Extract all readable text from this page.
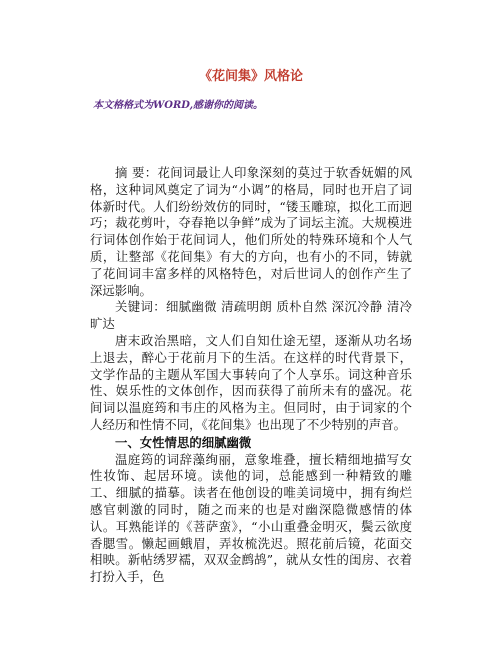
《花间集》风格论
本文格格式为WORD,感谢你的阅读。

摘 要：花间词最让人印象深刻的莫过于软香妩媚的风格，这种词风奠定了词为“小调”的格局，同时也开启了词体新时代。人们纷纷效仿的同时，“镂玉雕琼，拟化工而迥巧；裁花剪叶，夺春艳以争鲜”成为了词坛主流。大规模进行词体创作始于花间词人，他们所处的特殊环境和个人气质，让整部《花间集》有大的方向，也有小的不同，铸就了花间词丰富多样的风格特色，对后世词人的创作产生了深远影响。

关键词：细腻幽微 清疏明朗 质朴自然 深沉冷静 清冷旷达

唐末政治黑暗，文人们自知仕途无望，逐渐从功名场上退去，醉心于花前月下的生活。在这样的时代背景下，文学作品的主题从军国大事转向了个人享乐。词这种音乐性、娱乐性的文体创作，因而获得了前所未有的盛况。花间词以温庭筠和韦庄的风格为主。但同时，由于词家的个人经历和性情不同，《花间集》也出现了不少特别的声音。

一、女性情思的细腻幽微

温庭筠的词辞藻绚丽，意象堆叠，擅长精细地描写女性妆饰、起居环境。读他的词，总能感到一种精致的雕工、细腻的描摹。读者在他创设的唯美词境中，拥有绚烂感官刺激的同时，随之而来的也是对幽深隐微感情的体认。耳熟能详的《菩萨蛮》，“小山重叠金明灭，鬓云欲度香腮雪。懒起画蛾眉，弄妆梳洗迟。照花前后镜，花面交相映。新帖绣罗襦，双双金鹧鸪”，就从女性的闺房、衣着打扮入手，色
